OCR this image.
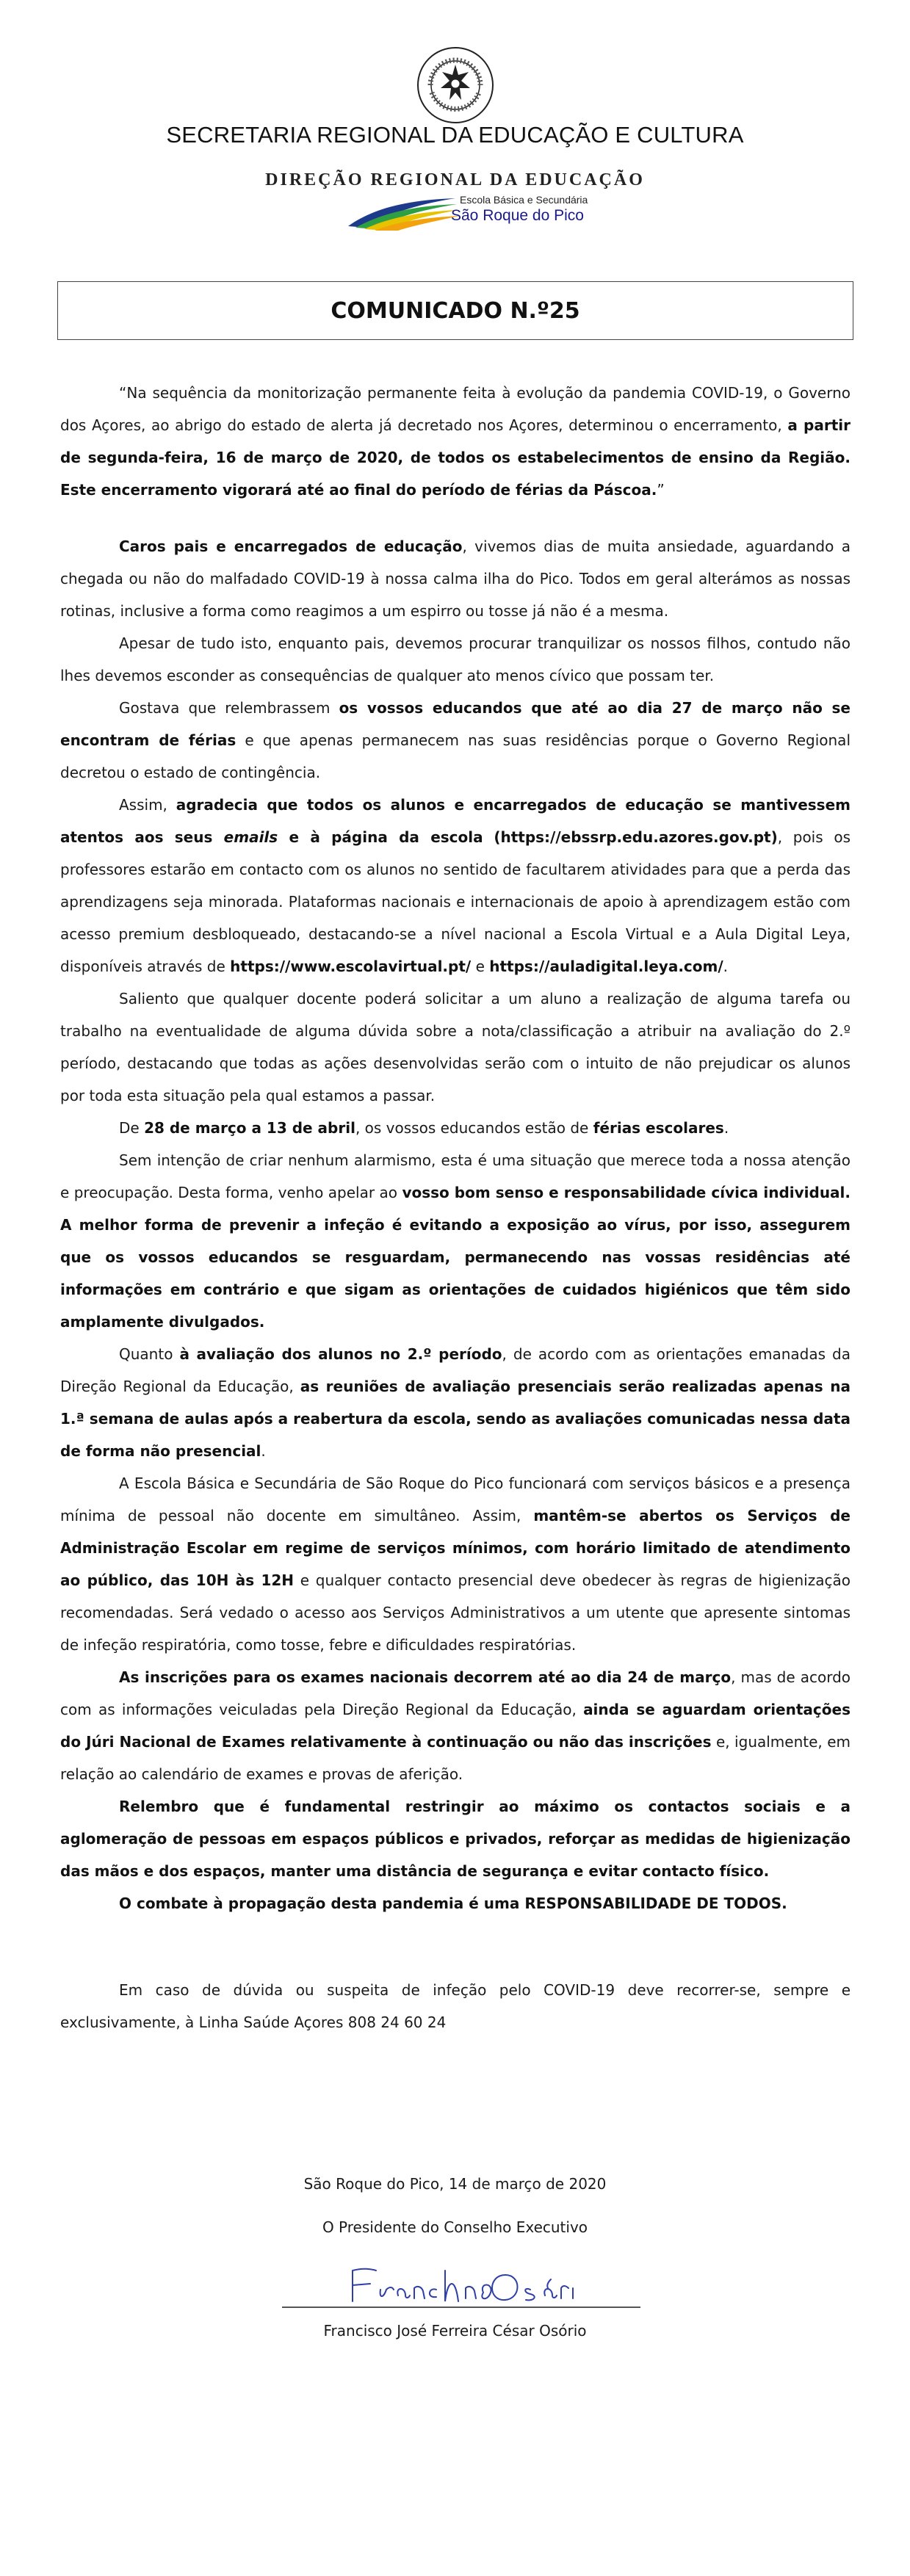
SECRETARIA REGIONAL DA EDUCAÇÃO E CULTURA
DIREÇÃO REGIONAL DA EDUCAÇÃO
Escola Básica e Secundária
São Roque do Pico
COMUNICADO N.º25

“Na sequência da monitorização permanente feita à evolução da pandemia COVID-19, o Governo dos Açores, ao abrigo do estado de alerta já decretado nos Açores, determinou o encerramento, a partir de segunda-feira, 16 de março de 2020, de todos os estabelecimentos de ensino da Região. Este encerramento vigorará até ao final do período de férias da Páscoa.”

Caros pais e encarregados de educação, vivemos dias de muita ansiedade, aguardando a chegada ou não do malfadado COVID-19 à nossa calma ilha do Pico. Todos em geral alterámos as nossas rotinas, inclusive a forma como reagimos a um espirro ou tosse já não é a mesma.

Apesar de tudo isto, enquanto pais, devemos procurar tranquilizar os nossos filhos, contudo não lhes devemos esconder as consequências de qualquer ato menos cívico que possam ter.

Gostava que relembrassem os vossos educandos que até ao dia 27 de março não se encontram de férias e que apenas permanecem nas suas residências porque o Governo Regional decretou o estado de contingência.

Assim, agradecia que todos os alunos e encarregados de educação se mantivessem atentos aos seus emails e à página da escola (https://ebssrp.edu.azores.gov.pt), pois os professores estarão em contacto com os alunos no sentido de facultarem atividades para que a perda das aprendizagens seja minorada. Plataformas nacionais e internacionais de apoio à aprendizagem estão com acesso premium desbloqueado, destacando-se a nível nacional a Escola Virtual e a Aula Digital Leya, disponíveis através de https://www.escolavirtual.pt/ e https://auladigital.leya.com/.

Saliento que qualquer docente poderá solicitar a um aluno a realização de alguma tarefa ou trabalho na eventualidade de alguma dúvida sobre a nota/classificação a atribuir na avaliação do 2.º período, destacando que todas as ações desenvolvidas serão com o intuito de não prejudicar os alunos por toda esta situação pela qual estamos a passar.

De 28 de março a 13 de abril, os vossos educandos estão de férias escolares.

Sem intenção de criar nenhum alarmismo, esta é uma situação que merece toda a nossa atenção e preocupação. Desta forma, venho apelar ao vosso bom senso e responsabilidade cívica individual. A melhor forma de prevenir a infeção é evitando a exposição ao vírus, por isso, assegurem que os vossos educandos se resguardam, permanecendo nas vossas residências até informações em contrário e que sigam as orientações de cuidados higiénicos que têm sido amplamente divulgados.

Quanto à avaliação dos alunos no 2.º período, de acordo com as orientações emanadas da Direção Regional da Educação, as reuniões de avaliação presenciais serão realizadas apenas na 1.ª semana de aulas após a reabertura da escola, sendo as avaliações comunicadas nessa data de forma não presencial.

A Escola Básica e Secundária de São Roque do Pico funcionará com serviços básicos e a presença mínima de pessoal não docente em simultâneo. Assim, mantêm-se abertos os Serviços de Administração Escolar em regime de serviços mínimos, com horário limitado de atendimento ao público, das 10H às 12H e qualquer contacto presencial deve obedecer às regras de higienização recomendadas. Será vedado o acesso aos Serviços Administrativos a um utente que apresente sintomas de infeção respiratória, como tosse, febre e dificuldades respiratórias.

As inscrições para os exames nacionais decorrem até ao dia 24 de março, mas de acordo com as informações veiculadas pela Direção Regional da Educação, ainda se aguardam orientações do Júri Nacional de Exames relativamente à continuação ou não das inscrições e, igualmente, em relação ao calendário de exames e provas de aferição.

Relembro que é fundamental restringir ao máximo os contactos sociais e a aglomeração de pessoas em espaços públicos e privados, reforçar as medidas de higienização das mãos e dos espaços, manter uma distância de segurança e evitar contacto físico.

O combate à propagação desta pandemia é uma RESPONSABILIDADE DE TODOS.

Em caso de dúvida ou suspeita de infeção pelo COVID-19 deve recorrer-se, sempre e exclusivamente, à Linha Saúde Açores 808 24 60 24

São Roque do Pico, 14 de março de 2020
O Presidente do Conselho Executivo
Francisco José Ferreira César Osório
